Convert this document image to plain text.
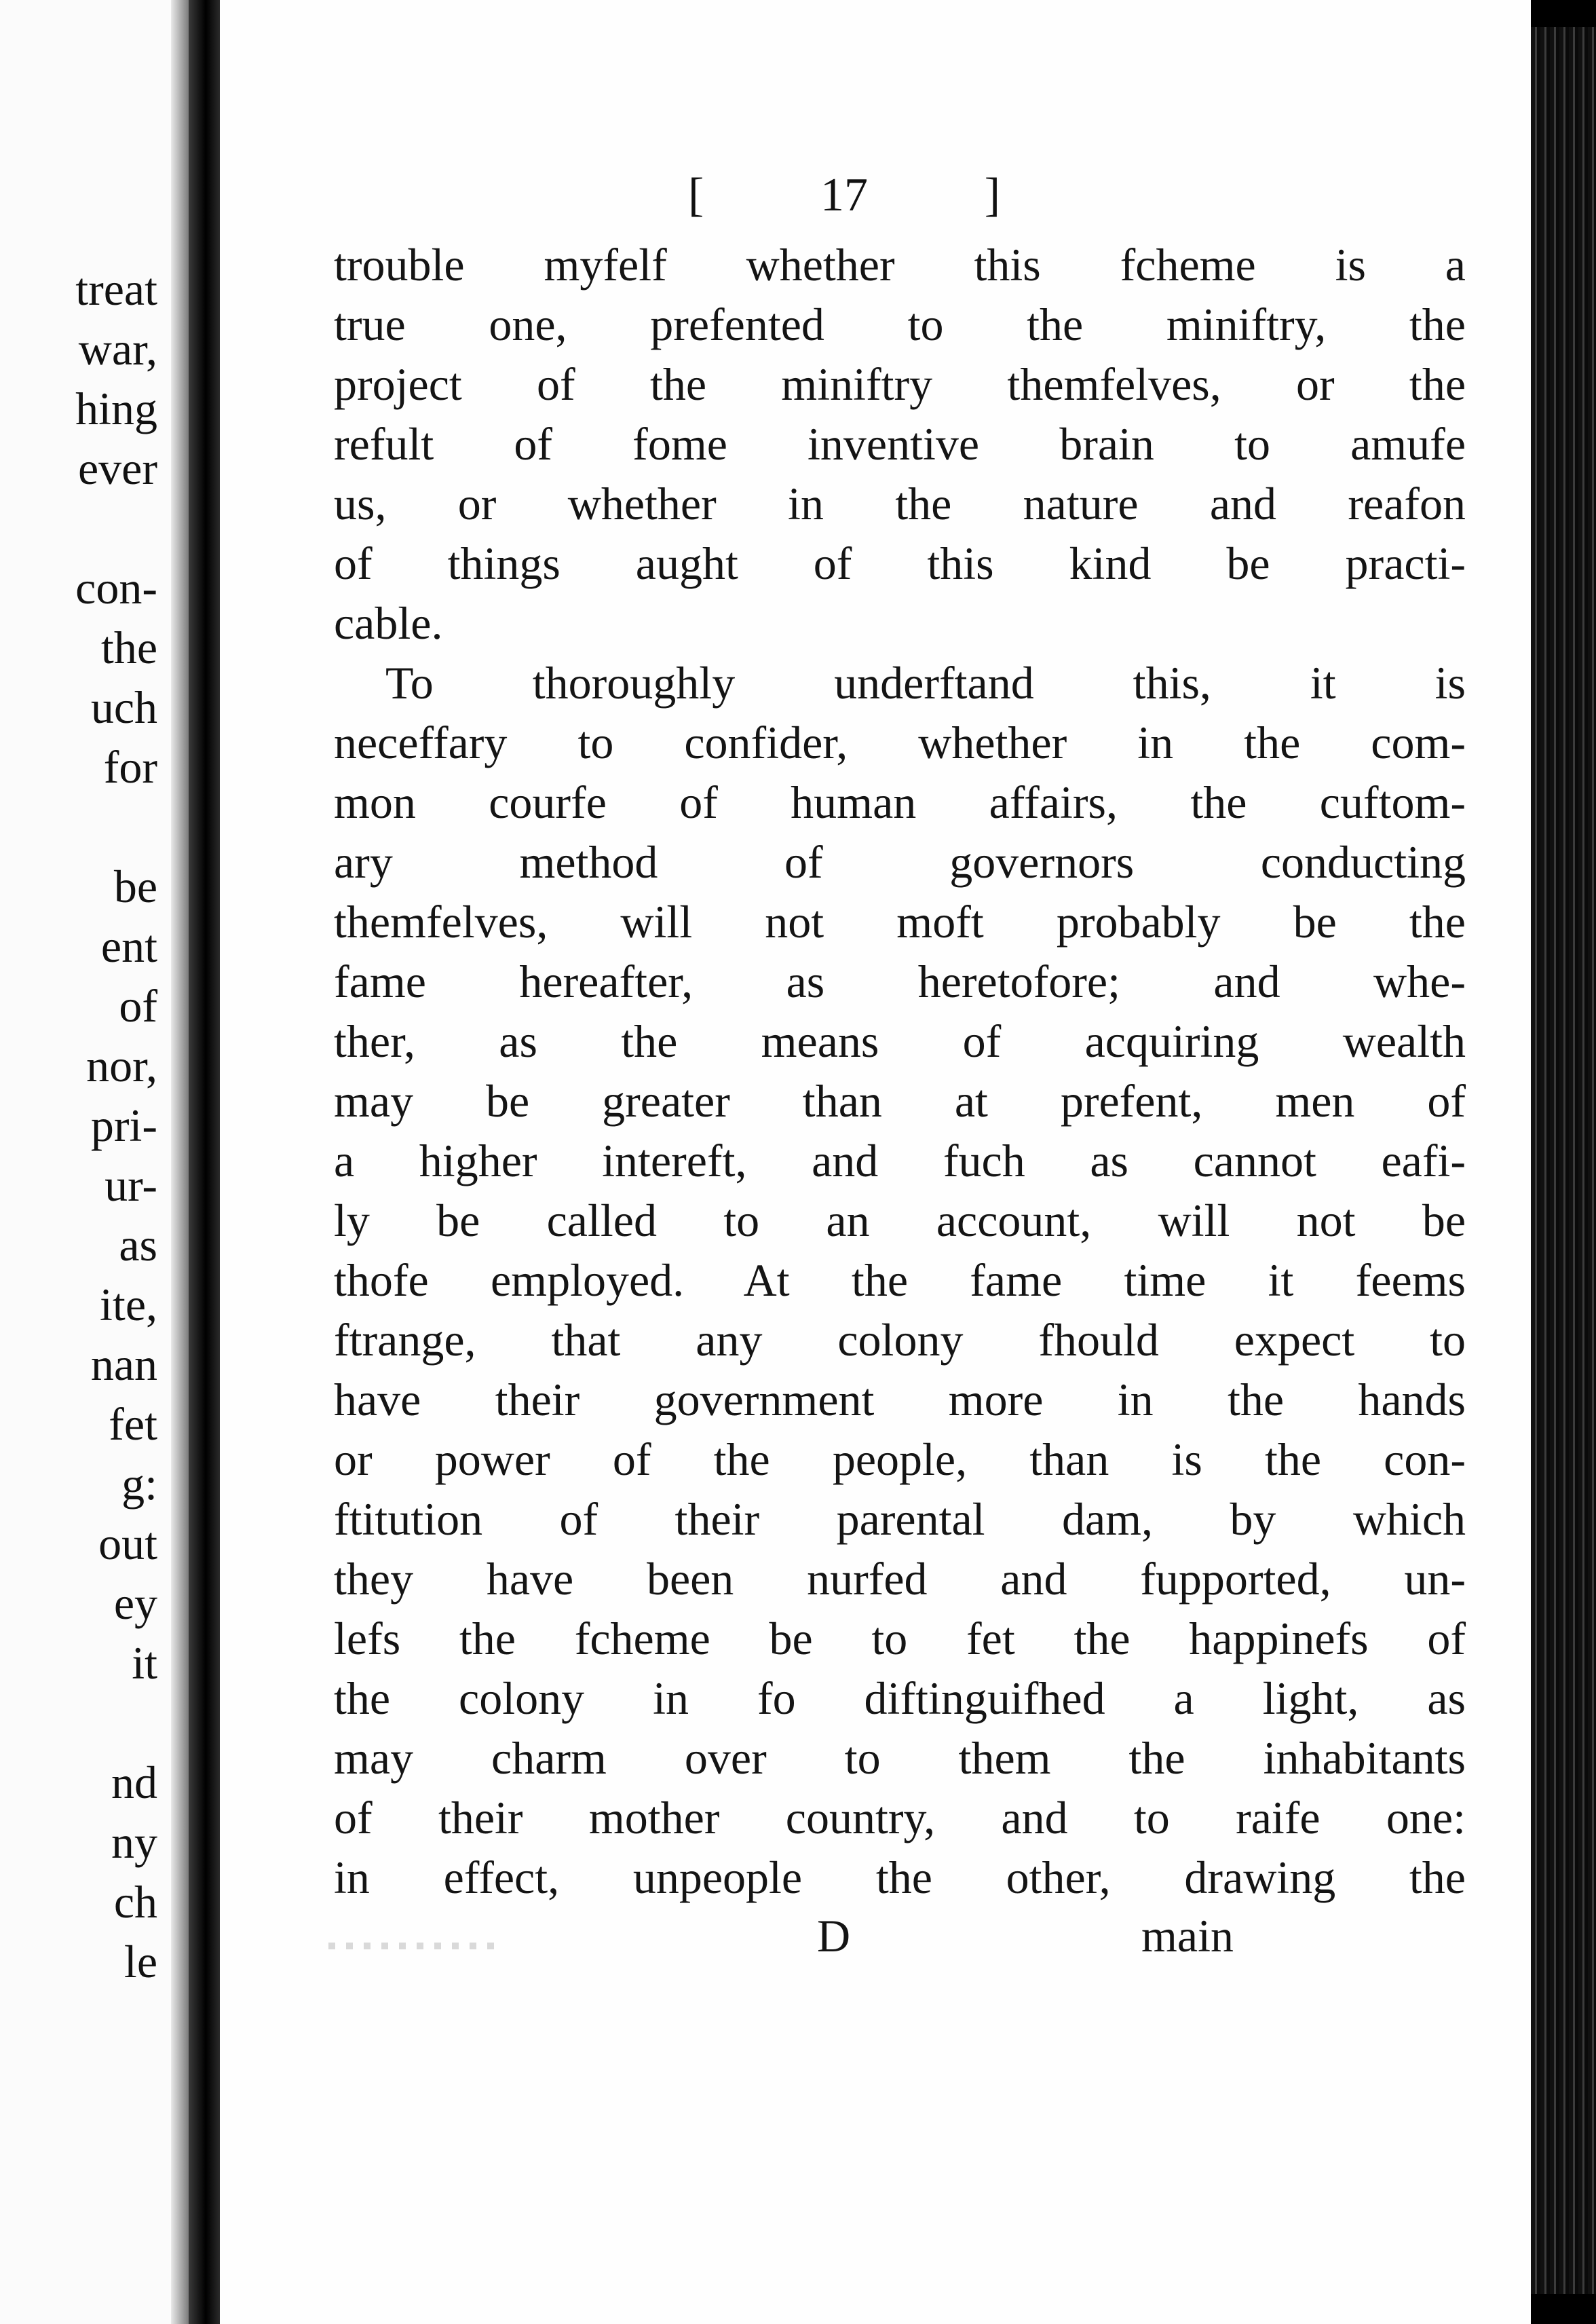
treat
war,
hing
ever
con-
the
uch
for
be
ent
of
nor,
pri-
ur-
as
ite,
nan
fet
g:
out
ey
it
nd
ny
ch
le
[ 17 ]
trouble myfelf whether this fcheme is a
true one, prefented to the miniftry, the
project of the miniftry themfelves, or the
refult of fome inventive brain to amufe
us, or whether in the nature and reafon
of things aught of this kind be practi-
cable.
To thoroughly underftand this, it is
neceffary to confider, whether in the com-
mon courfe of human affairs, the cuftom-
ary method of governors conducting
themfelves, will not moft probably be the
fame hereafter, as heretofore; and whe-
ther, as the means of acquiring wealth
may be greater than at prefent, men of
a higher intereft, and fuch as cannot eafi-
ly be called to an account, will not be
thofe employed. At the fame time it feems
ftrange, that any colony fhould expect to
have their government more in the hands
or power of the people, than is the con-
ftitution of their parental dam, by which
they have been nurfed and fupported, un-
lefs the fcheme be to fet the happinefs of
the colony in fo diftinguifhed a light, as
may charm over to them the inhabitants
of their mother country, and to raife one:
in effect, unpeople the other, drawing the
D	main
